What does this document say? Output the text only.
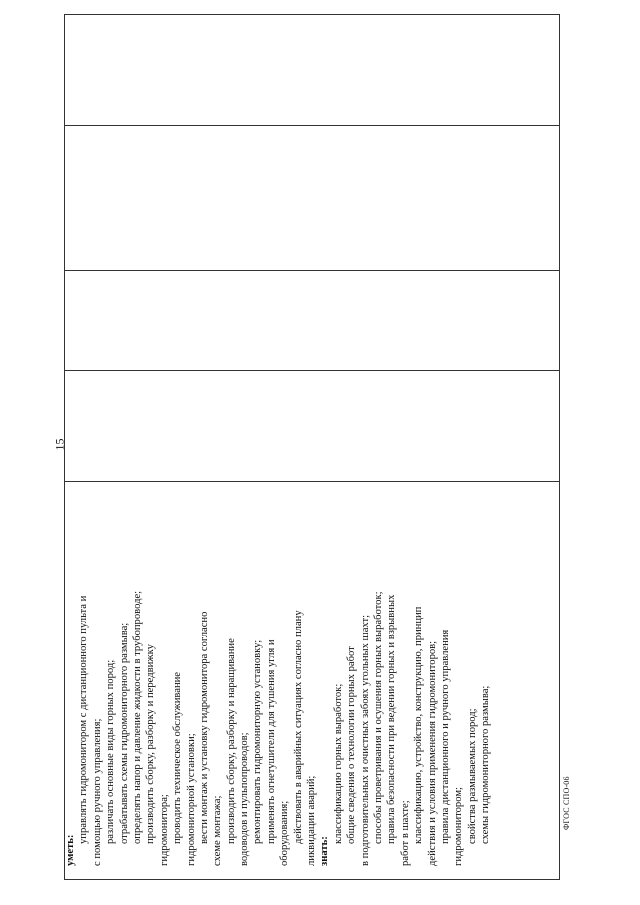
15
уметь:
управлять гидромонитором с дистанционного пульта и с помощью ручного управления; различать основные виды горных пород; отрабатывать схемы гидромониторного размыва; определять напор и давление жидкости в трубопроводе; производить сборку, разборку и передвижку гидромонитора; проводить техническое обслуживание гидромониторной установки; вести монтаж и установку гидромонитора согласно схеме монтажа; производить сборку, разборку и наращивание водоводов и пульпопроводов; ремонтировать гидромониторную установку; применять огнетушители для тушения угля и оборудования; действовать в аварийных ситуациях согласно плану ликвидации аварий; знать:
классификацию горных выработок; общие сведения о технологии горных работ в подготовительных и очистных забоях угольных шахт; способы проветривания и осушения горных выработок; правила безопасности при ведении горных и взрывных работ в шахте; классификацию, устройство, конструкцию, принцип действия и условия применения гидромониторов; правила дистанционного и ручного управления гидромонитором; свойства размываемых пород; схемы гидромониторного размыва;	ФГОС СПО-06
